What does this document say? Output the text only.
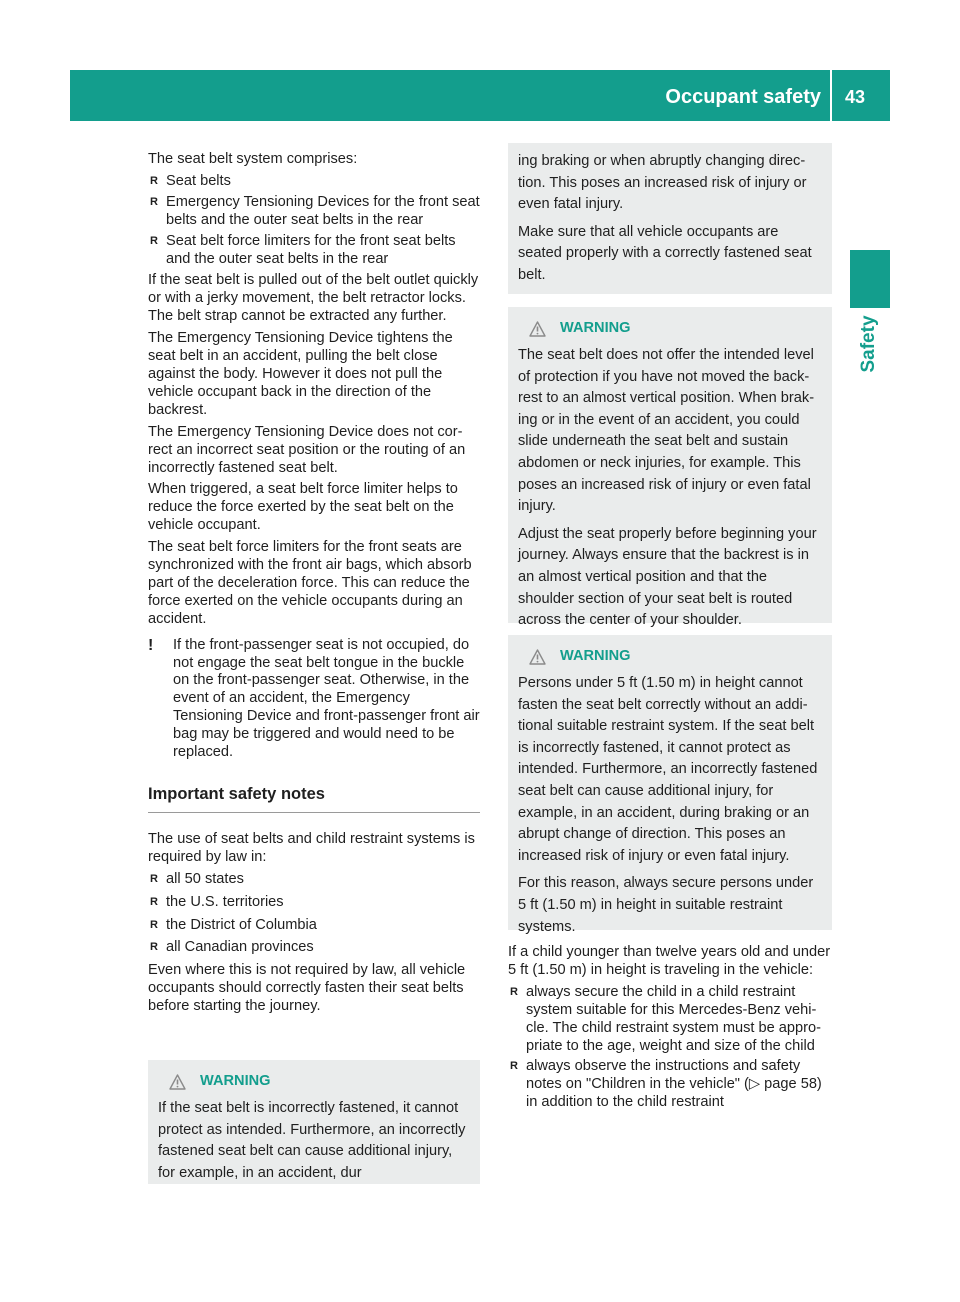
Occupant safety 43
Safety

The seat belt system comprises:

R Seat belts
R Emergency Tensioning Devices for the front seat belts and the outer seat belts in the rear
R Seat belt force limiters for the front seat belts and the outer seat belts in the rear

If the seat belt is pulled out of the belt outlet quickly or with a jerky movement, the belt retractor locks. The belt strap cannot be extracted any further.

The Emergency Tensioning Device tightens the seat belt in an accident, pulling the belt close against the body. However it does not pull the vehicle occupant back in the direction of the backrest.

The Emergency Tensioning Device does not correct an incorrect seat position or the routing of an incorrectly fastened seat belt.

When triggered, a seat belt force limiter helps to reduce the force exerted by the seat belt on the vehicle occupant.

The seat belt force limiters for the front seats are synchronized with the front air bags, which absorb part of the deceleration force. This can reduce the force exerted on the vehicle occupants during an accident.

! If the front-passenger seat is not occupied, do not engage the seat belt tongue in the buckle on the front-passenger seat. Otherwise, in the event of an accident, the Emergency Tensioning Device and front-passenger front air bag may be triggered and would need to be replaced.
Important safety notes

The use of seat belts and child restraint systems is required by law in:

R all 50 states
R the U.S. territories
R the District of Columbia
R all Canadian provinces

Even where this is not required by law, all vehicle occupants should correctly fasten their seat belts before starting the journey.

WARNING

If the seat belt is incorrectly fastened, it cannot protect as intended. Furthermore, an incorrectly fastened seat belt can cause additional injury, for example, in an accident, dur

ing braking or when abruptly changing direction. This poses an increased risk of injury or even fatal injury.

Make sure that all vehicle occupants are seated properly with a correctly fastened seat belt.

WARNING

The seat belt does not offer the intended level of protection if you have not moved the backrest to an almost vertical position. When braking or in the event of an accident, you could slide underneath the seat belt and sustain abdomen or neck injuries, for example. This poses an increased risk of injury or even fatal injury.

Adjust the seat properly before beginning your journey. Always ensure that the backrest is in an almost vertical position and that the shoulder section of your seat belt is routed across the center of your shoulder.

WARNING

Persons under 5 ft (1.50 m) in height cannot fasten the seat belt correctly without an additional suitable restraint system. If the seat belt is incorrectly fastened, it cannot protect as intended. Furthermore, an incorrectly fastened seat belt can cause additional injury, for example, in an accident, during braking or an abrupt change of direction. This poses an increased risk of injury or even fatal injury.

For this reason, always secure persons under 5 ft (1.50 m) in height in suitable restraint systems.

If a child younger than twelve years old and under 5 ft (1.50 m) in height is traveling in the vehicle:

R always secure the child in a child restraint system suitable for this Mercedes-Benz vehicle. The child restraint system must be appropriate to the age, weight and size of the child
R always observe the instructions and safety notes on "Children in the vehicle" (▷ page 58) in addition to the child restraint
